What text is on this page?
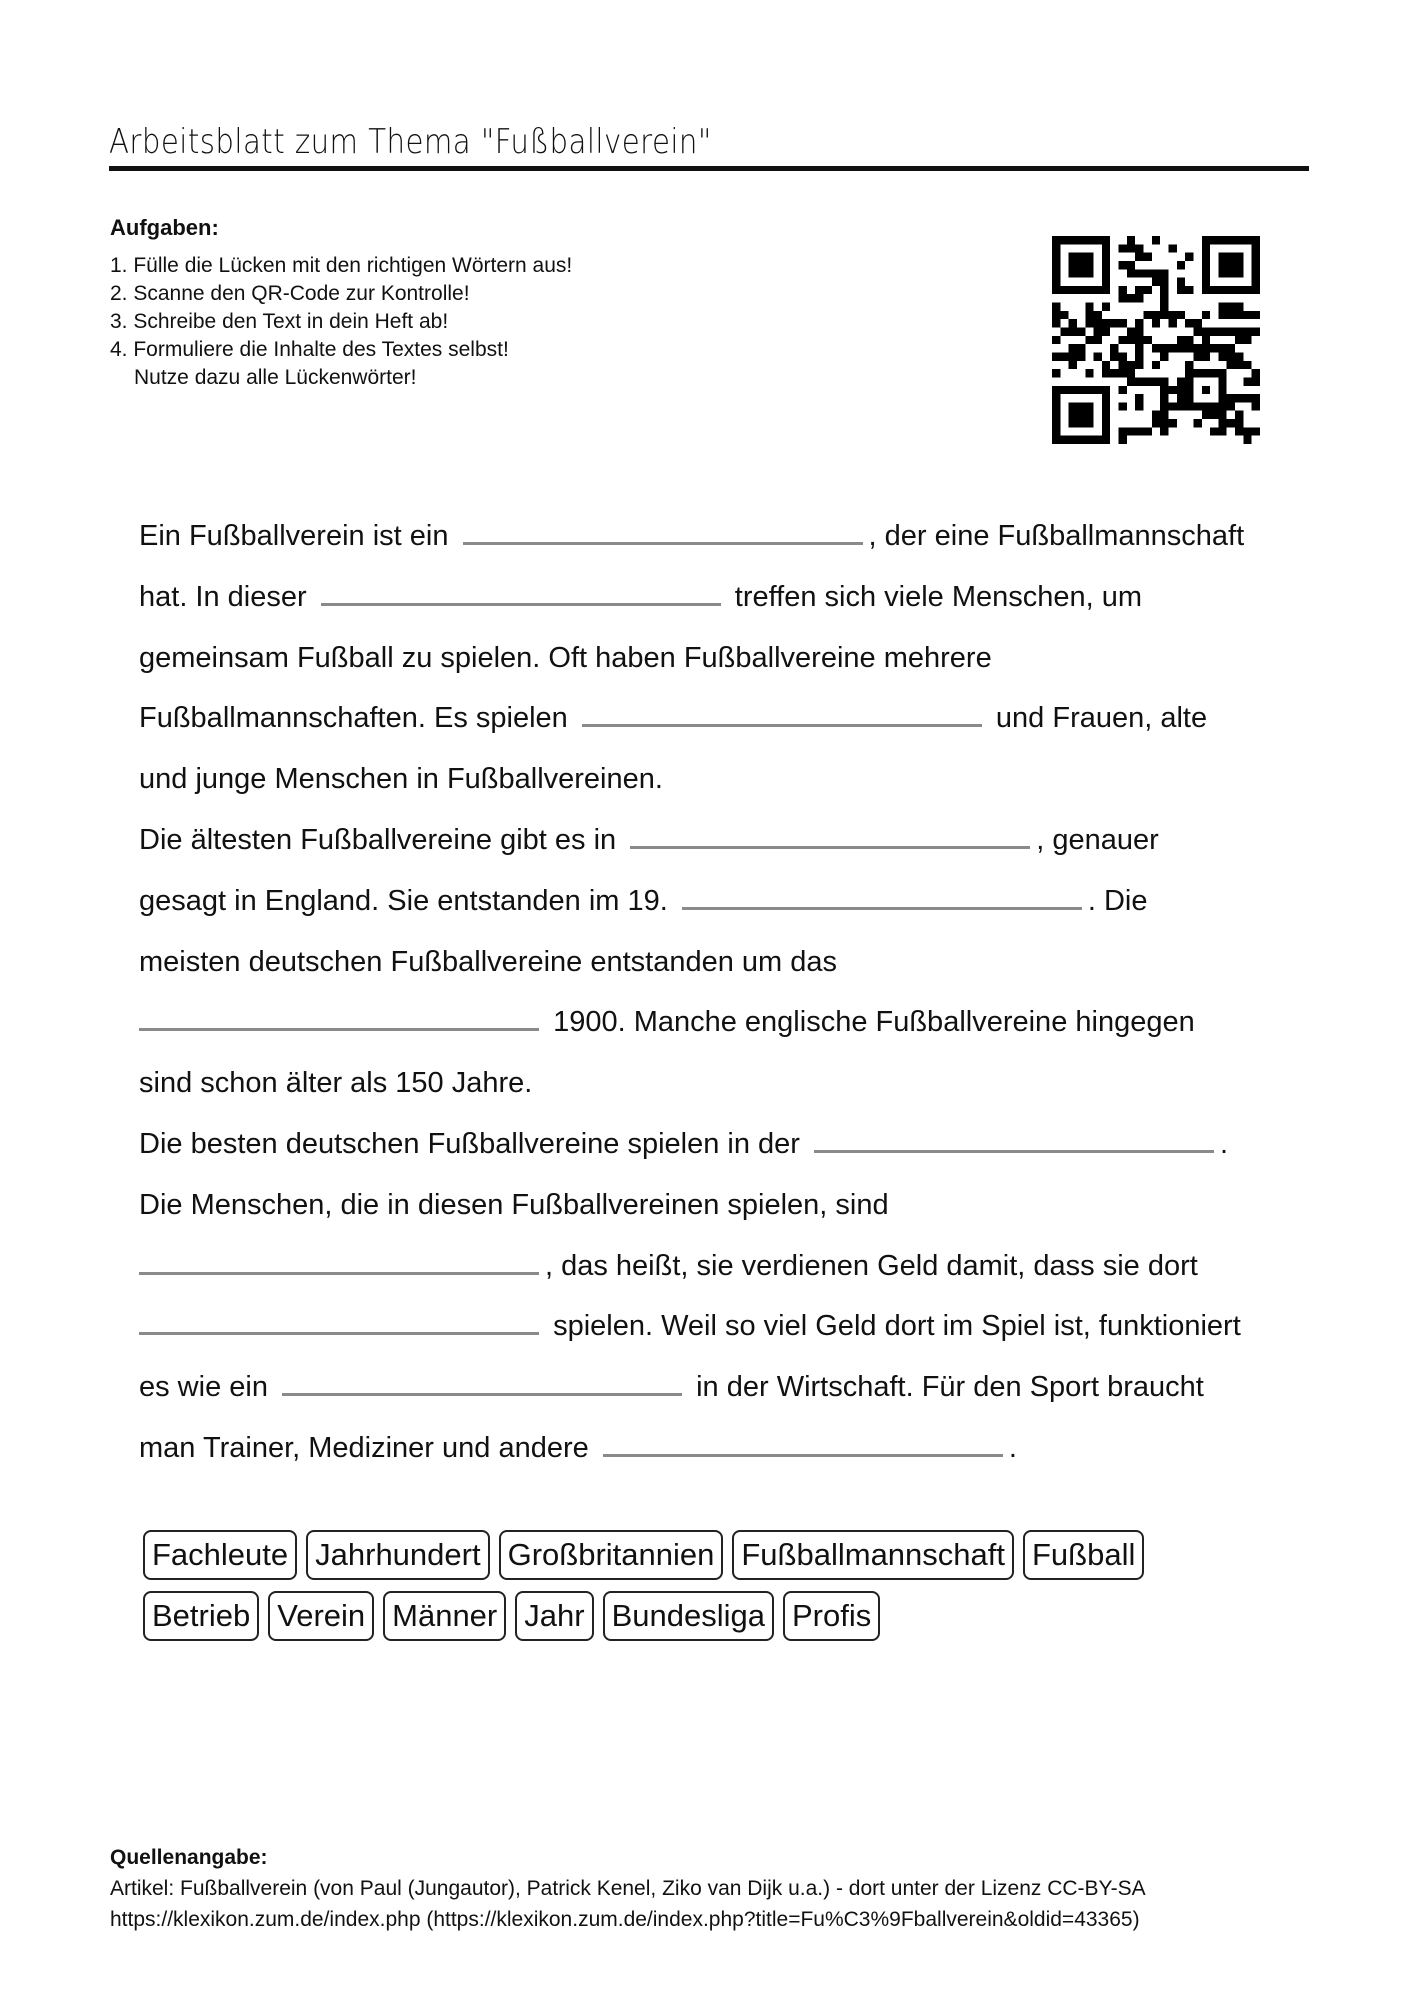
Arbeitsblatt zum Thema "Fußballverein"
Aufgaben:
1. Fülle die Lücken mit den richtigen Wörtern aus!
2. Scanne den QR-Code zur Kontrolle!
3. Schreibe den Text in dein Heft ab!
4. Formuliere die Inhalte des Textes selbst!
Nutze dazu alle Lückenwörter!
Ein Fußballverein ist ein	, der eine Fußballmannschaft
hat. In dieser	treffen sich viele Menschen, um
gemeinsam Fußball zu spielen. Oft haben Fußballvereine mehrere
Fußballmannschaften. Es spielen	und Frauen, alte
und junge Menschen in Fußballvereinen.
Die ältesten Fußballvereine gibt es in	, genauer
gesagt in England. Sie entstanden im 19.	. Die
meisten deutschen Fußballvereine entstanden um das
1900. Manche englische Fußballvereine hingegen
sind schon älter als 150 Jahre.
Die besten deutschen Fußballvereine spielen in der	.
Die Menschen, die in diesen Fußballvereinen spielen, sind
, das heißt, sie verdienen Geld damit, dass sie dort
spielen. Weil so viel Geld dort im Spiel ist, funktioniert
es wie ein	in der Wirtschaft. Für den Sport braucht
man Trainer, Mediziner und andere	.
Fachleute Jahrhundert Großbritannien Fußballmannschaft Fußball
Betrieb Verein Männer Jahr Bundesliga Profis
Quellenangabe:
Artikel: Fußballverein (von Paul (Jungautor), Patrick Kenel, Ziko van Dijk u.a.) - dort unter der Lizenz CC-BY-SA
https://klexikon.zum.de/index.php (https://klexikon.zum.de/index.php?title=Fu%C3%9Fballverein&oldid=43365)
